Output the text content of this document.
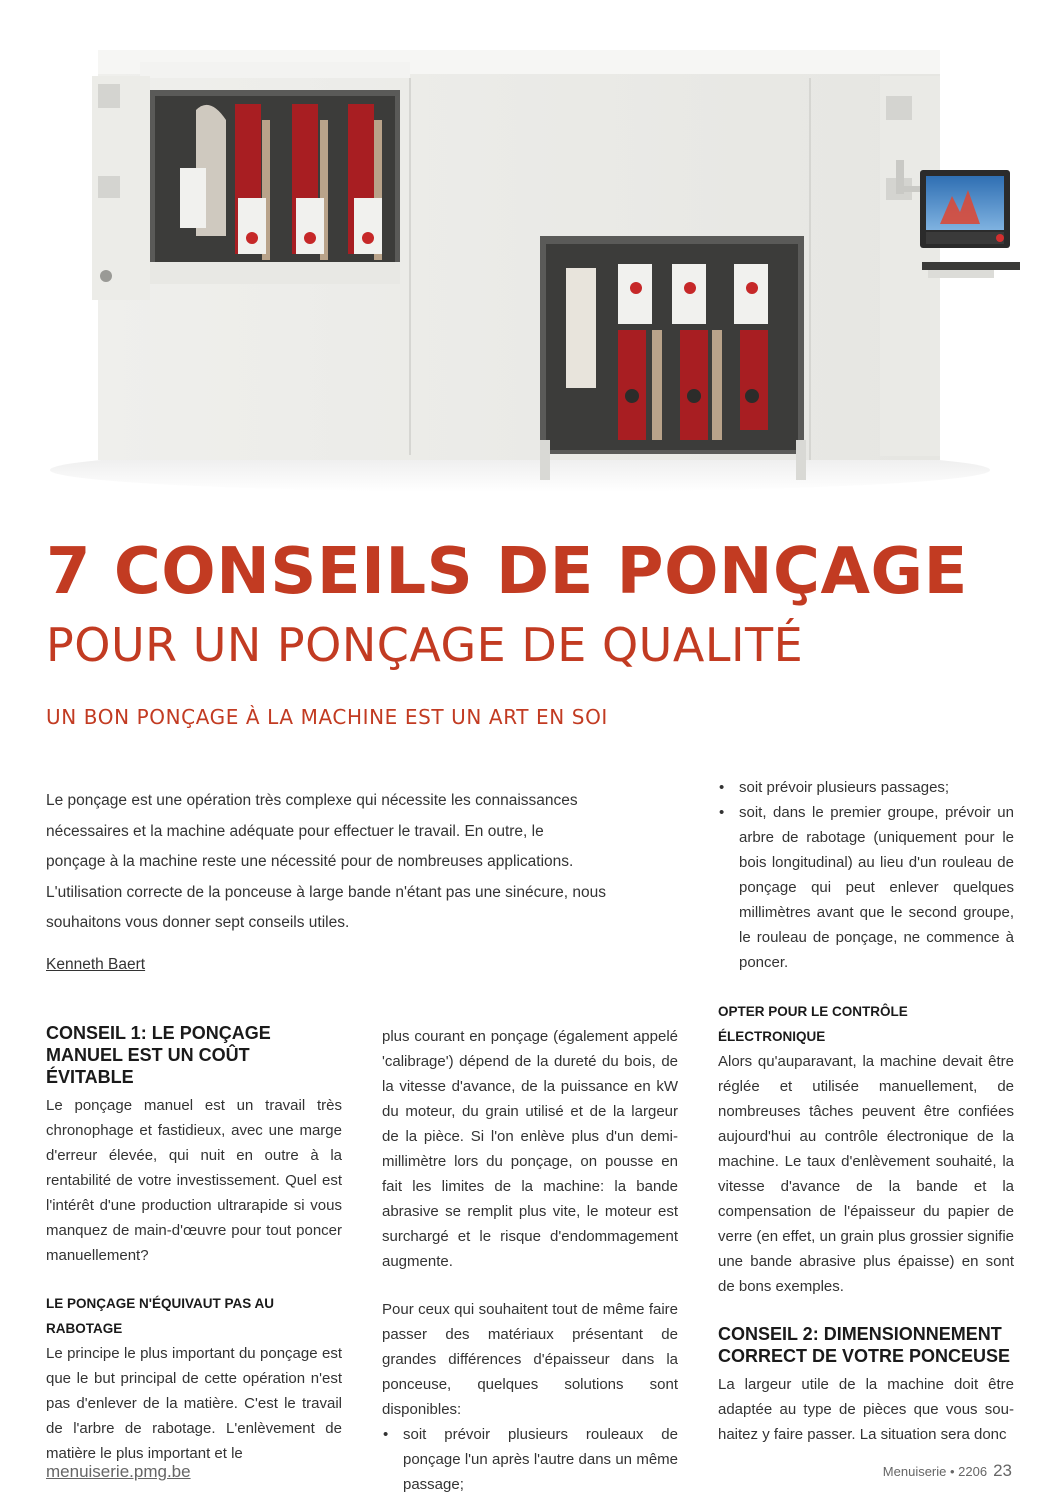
7 CONSEILS DE PONÇAGE
POUR UN PONÇAGE DE QUALITÉ

UN BON PONÇAGE À LA MACHINE EST UN ART EN SOI

Le ponçage est une opération très complexe qui nécessite les connaissances nécessaires et la machine adéquate pour effectuer le travail. En outre, le ponçage à la machine reste une nécessité pour de nombreuses applications. L'utilisation correcte de la ponceuse à large bande n'étant pas une sinécure, nous souhaitons vous donner sept conseils utiles.

Kenneth Baert

CONSEIL 1: LE PONÇAGE MANUEL EST UN COÛT ÉVITABLE

Le ponçage manuel est un travail très chronophage et fastidieux, avec une marge d'erreur élevée, qui nuit en outre à la rentabilité de votre investissement. Quel est l'intérêt d'une production ultrarapide si vous manquez de main-d'œuvre pour tout poncer manuellement?

LE PONÇAGE N'ÉQUIVAUT PAS AU RABOTAGE

Le principe le plus important du ponçage est que le but principal de cette opération n'est pas d'enlever de la matière. C'est le travail de l'arbre de rabotage. L'enlèvement de matière le plus important et le

plus courant en ponçage (également appelé 'calibrage') dépend de la dureté du bois, de la vitesse d'avance, de la puissance en kW du moteur, du grain utilisé et de la largeur de la pièce. Si l'on enlève plus d'un demi-millimètre lors du ponçage, on pousse en fait les limites de la machine: la bande abrasive se remplit plus vite, le moteur est surchargé et le risque d'endommagement augmente.

Pour ceux qui souhaitent tout de même faire passer des matériaux présentant de grandes différences d'épaisseur dans la ponceuse, quelques solutions sont disponibles:

• soit prévoir plusieurs rouleaux de ponçage l'un après l'autre dans un même passage;
• soit prévoir plusieurs passages;
• soit, dans le premier groupe, prévoir un arbre de rabotage (uniquement pour le bois longitudinal) au lieu d'un rouleau de ponçage qui peut enlever quelques millimètres avant que le second groupe, le rouleau de ponçage, ne commence à poncer.
OPTER POUR LE CONTRÔLE ÉLECTRONIQUE

Alors qu'auparavant, la machine devait être réglée et utilisée manuellement, de nombreuses tâches peuvent être confiées aujourd'hui au contrôle électronique de la machine. Le taux d'enlèvement souhaité, la vitesse d'avance de la bande et la compensation de l'épaisseur du papier de verre (en effet, un grain plus grossier signifie une bande abrasive plus épaisse) en sont de bons exemples.

CONSEIL 2: DIMENSIONNEMENT CORRECT DE VOTRE PONCEUSE

La largeur utile de la machine doit être adaptée au type de pièces que vous souhaitez y faire passer. La situation sera donc

menuiserie.pmg.be	Menuiserie • 2206 23
